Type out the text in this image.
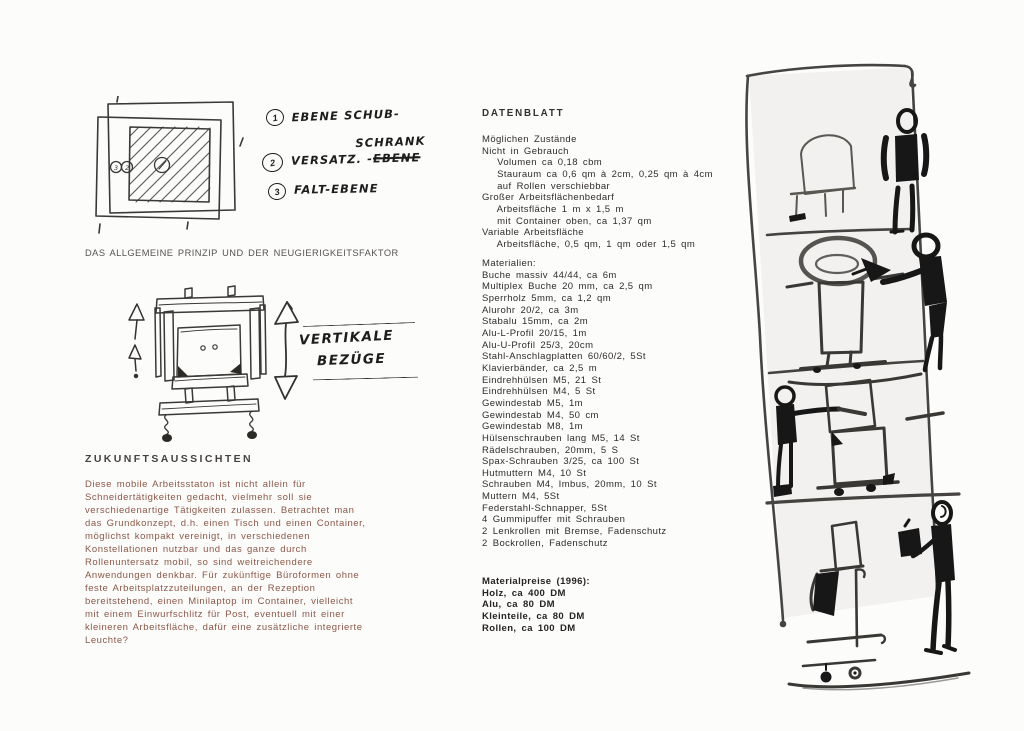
3 2
1	EBENE SCHUB-

SCHRANK
2	VERSATZ. -EBENE
3	FALT-EBENE
DAS ALLGEMEINE PRINZIP UND DER NEUGIERIGKEITSFAKTOR
VERTIKALE
BEZÜGE
ZUKUNFTSAUSSICHTEN
Diese mobile Arbeitsstaton ist nicht allein für
Schneidertätigkeiten gedacht, vielmehr soll sie
verschiedenartige Tätigkeiten zulassen. Betrachtet man
das Grundkonzept, d.h. einen Tisch und einen Container,
möglichst kompakt vereinigt, in verschiedenen
Konstellationen nutzbar und das ganze durch
Rollenuntersatz mobil, so sind weitreichendere
Anwendungen denkbar. Für zukünftige Büroformen ohne
feste Arbeitsplatzzuteilungen, an der Rezeption
bereitstehend, einen Minilaptop im Container, vielleicht
mit einem Einwurfschlitz für Post, eventuell mit einer
kleineren Arbeitsfläche, dafür eine zusätzliche integrierte
Leuchte?
DATENBLATT
Möglichen Zustände
Nicht in Gebrauch
Volumen ca 0,18 cbm
Stauraum ca 0,6 qm à 2cm, 0,25 qm à 4cm
auf Rollen verschiebbar
Großer Arbeitsflächenbedarf
Arbeitsfläche 1 m x 1,5 m
mit Container oben, ca 1,37 qm
Variable Arbeitsfläche
Arbeitsfläche, 0,5 qm, 1 qm oder 1,5 qm
Materialien:
Buche massiv 44/44, ca 6m
Multiplex Buche 20 mm, ca 2,5 qm
Sperrholz 5mm, ca 1,2 qm
Alurohr 20/2, ca 3m
Stabalu 15mm, ca 2m
Alu-L-Profil 20/15, 1m
Alu-U-Profil 25/3, 20cm
Stahl-Anschlagplatten 60/60/2, 5St
Klavierbänder, ca 2,5 m
Eindrehhülsen M5, 21 St
Eindrehhülsen M4, 5 St
Gewindestab M5, 1m
Gewindestab M4, 50 cm
Gewindestab M8, 1m
Hülsenschrauben lang M5, 14 St
Rädelschrauben, 20mm, 5 S
Spax-Schrauben 3/25, ca 100 St
Hutmuttern M4, 10 St
Schrauben M4, Imbus, 20mm, 10 St
Muttern M4, 5St
Federstahl-Schnapper, 5St
4 Gummipuffer mit Schrauben
2 Lenkrollen mit Bremse, Fadenschutz
2 Bockrollen, Fadenschutz
Materialpreise (1996):
Holz, ca 400 DM
Alu, ca 80 DM
Kleinteile, ca 80 DM
Rollen, ca 100 DM
